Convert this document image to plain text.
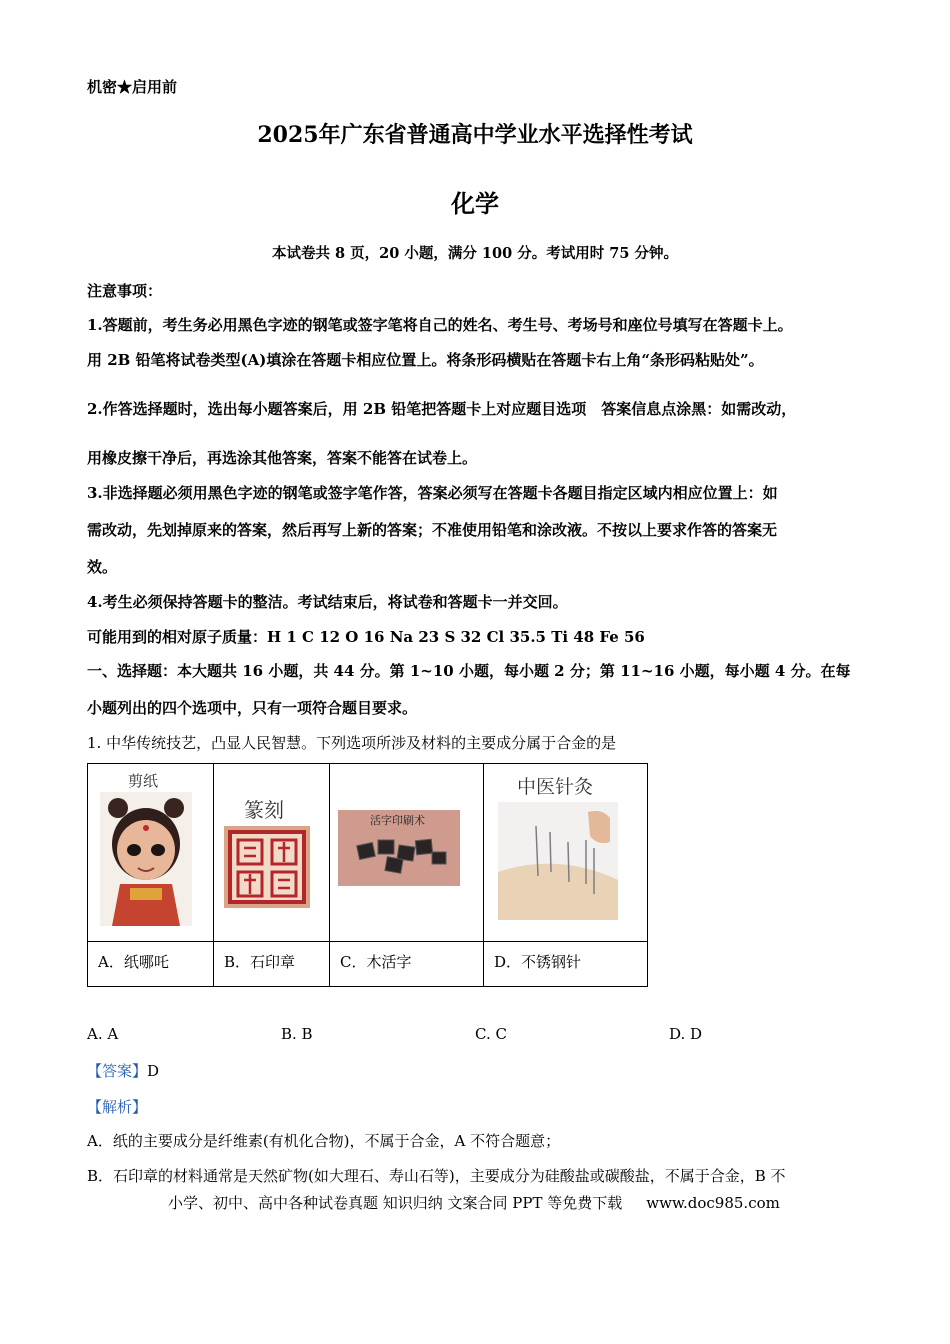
机密★启用前
2025年广东省普通高中学业水平选择性考试
化学
本试卷共 8 页，20 小题，满分 100 分。考试用时 75 分钟。
注意事项：
1.答题前，考生务必用黑色字迹的钢笔或签字笔将自己的姓名、考生号、考场号和座位号填写在答题卡上。
用 2B 铅笔将试卷类型(A)填涂在答题卡相应位置上。将条形码横贴在答题卡右上角“条形码粘贴处”。
2.作答选择题时，选出每小题答案后，用 2B 铅笔把答题卡上对应题目选项　答案信息点涂黑：如需改动，
用橡皮擦干净后，再选涂其他答案，答案不能答在试卷上。
3.非选择题必须用黑色字迹的钢笔或签字笔作答，答案必须写在答题卡各题目指定区域内相应位置上：如
需改动，先划掉原来的答案，然后再写上新的答案；不准使用铅笔和涂改液。不按以上要求作答的答案无
效。
4.考生必须保持答题卡的整洁。考试结束后，将试卷和答题卡一并交回。
可能用到的相对原子质量：H 1 C 12 O 16 Na 23 S 32 Cl 35.5 Ti 48 Fe 56
一、选择题：本大题共 16 小题，共 44 分。第 1~10 小题，每小题 2 分；第 11~16 小题，每小题 4 分。在每
小题列出的四个选项中，只有一项符合题目要求。
1. 中华传统技艺，凸显人民智慧。下列选项所涉及材料的主要成分属于合金的是
剪纸	篆刻	活字印刷术	中医针灸

A．纸哪吒	B．石印章	C．木活字	D．不锈钢针
A. A	B. B	C. C	D. D
【答案】D
【解析】
A．纸的主要成分是纤维素(有机化合物)，不属于合金，A 不符合题意；
B．石印章的材料通常是天然矿物(如大理石、寿山石等)，主要成分为硅酸盐或碳酸盐，不属于合金，B 不
小学、初中、高中各种试卷真题 知识归纳 文案合同 PPT 等免费下载 www.doc985.com
